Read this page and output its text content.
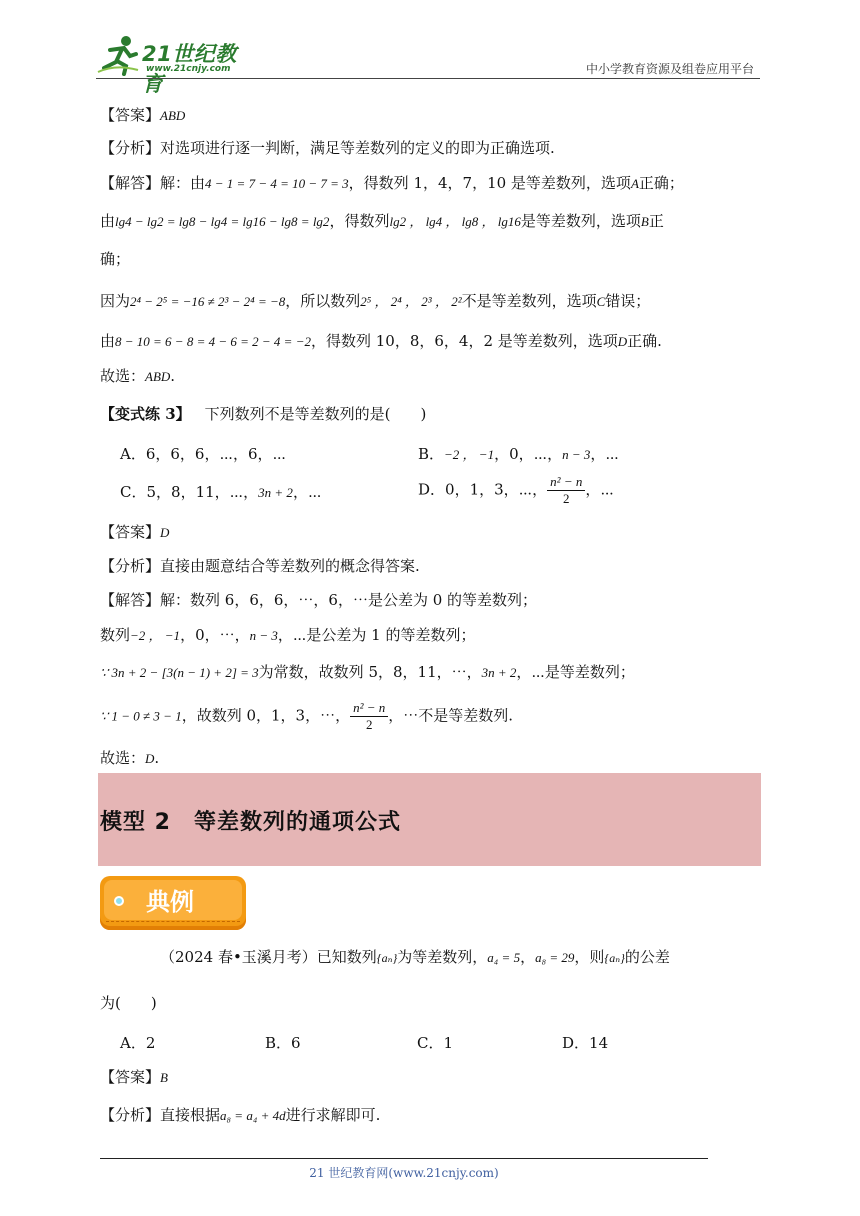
21世纪教育
www.21cnjy.com	中小学教育资源及组卷应用平台
【答案】ABD
【分析】对选项进行逐一判断，满足等差数列的定义的即为正确选项.
【解答】解：由4 − 1 = 7 − 4 = 10 − 7 = 3，得数列 1，4，7，10 是等差数列，选项A正确；
由lg4 − lg2 = lg8 − lg4 = lg16 − lg8 = lg2，得数列lg2 ， lg4 ， lg8 ， lg16是等差数列，选项B正
确；
因为2⁴ − 2⁵ = −16 ≠ 2³ − 2⁴ = −8，所以数列2⁵ ， 2⁴ ， 2³ ， 2²不是等差数列，选项C错误；
由8 − 10 = 6 − 8 = 4 − 6 = 2 − 4 = −2，得数列 10，8，6，4，2 是等差数列，选项D正确.
故选：ABD.
【变式练 3】 下列数列不是等差数列的是(　　)
A．6，6，6，⋯，6，⋯	B．−2 ， −1，0，⋯，n − 3，⋯
C．5，8，11，⋯，3n + 2，⋯	D．0，1，3，⋯， $\frac{\text{n² − n}}{2}$ ，⋯
【答案】D
【分析】直接由题意结合等差数列的概念得答案.
【解答】解：数列 6，6，6，⋯，6，⋯是公差为 0 的等差数列；
数列−2 ， −1，0，⋯，n − 3，⋯是公差为 1 的等差数列；
∵ 3n + 2 − [3(n − 1) + 2] = 3为常数，故数列 5，8，11，⋯，3n + 2，⋯是等差数列；
∵ 1 − 0 ≠ 3 − 1，故数列 0，1，3，⋯， $\frac{\text{n² − n}}{2}$ ，⋯不是等差数列.
故选：D.
模型 2　等差数列的通项公式
典例
（2024 春•玉溪月考）已知数列{aₙ}为等差数列，a₄ = 5，a₈ = 29，则{aₙ}的公差
为(　　)
A．2	B．6	C．1	D．14
【答案】B
【分析】直接根据a₈ = a₄ + 4d进行求解即可.
21 世纪教育网(www.21cnjy.com)
